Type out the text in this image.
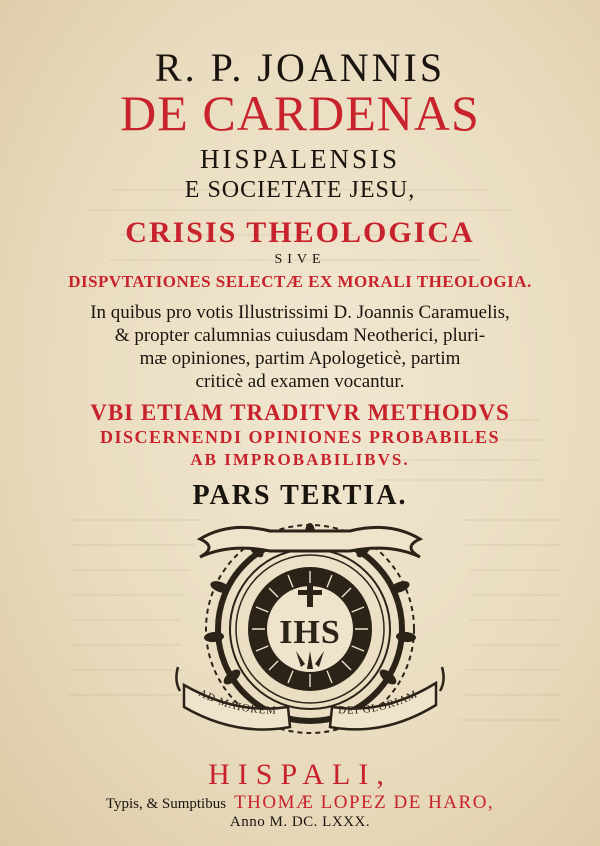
R. P. JOANNIS
DE CARDENAS
HISPALENSIS
E SOCIETATE JESU,
CRISIS THEOLOGICA
SIVE
DISPVTATIONES SELECTÆ EX MORALI THEOLOGIA.
In quibus pro votis Illustrissimi D. Joannis Caramuelis,
& propter calumnias cuiusdam Neotherici, pluri-
mæ opiniones, partim Apologeticè, partim
criticè ad examen vocantur.
VBI ETIAM TRADITVR METHODVS
DISCERNENDI OPINIONES PROBABILES
AB IMPROBABILIBVS.
PARS TERTIA.
IHS
AD MAIOREM	DEI GLORIAM
HISPALI,
Typis, & Sumptibus THOMÆ LOPEZ DE HARO,
Anno M. DC. LXXX.
